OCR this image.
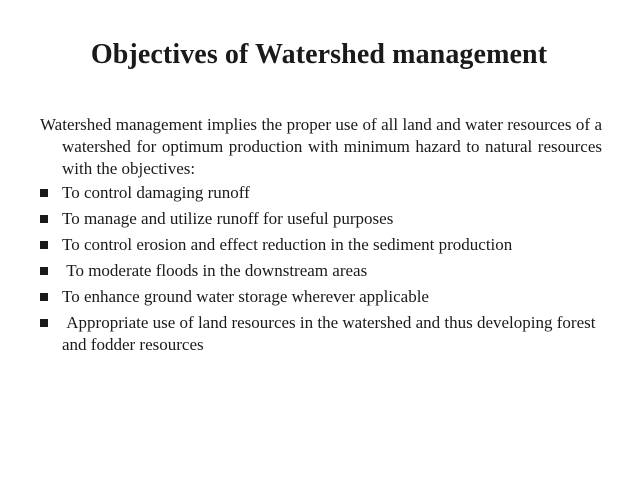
Objectives of Watershed management

Watershed management implies the proper use of all land and water resources of a watershed for optimum production with minimum hazard to natural resources with the objectives:

To control damaging runoff
To manage and utilize runoff for useful purposes
To control erosion and effect reduction in the sediment production
To moderate floods in the downstream areas
To enhance ground water storage wherever applicable
Appropriate use of land resources in the watershed and thus developing forest and fodder resources
